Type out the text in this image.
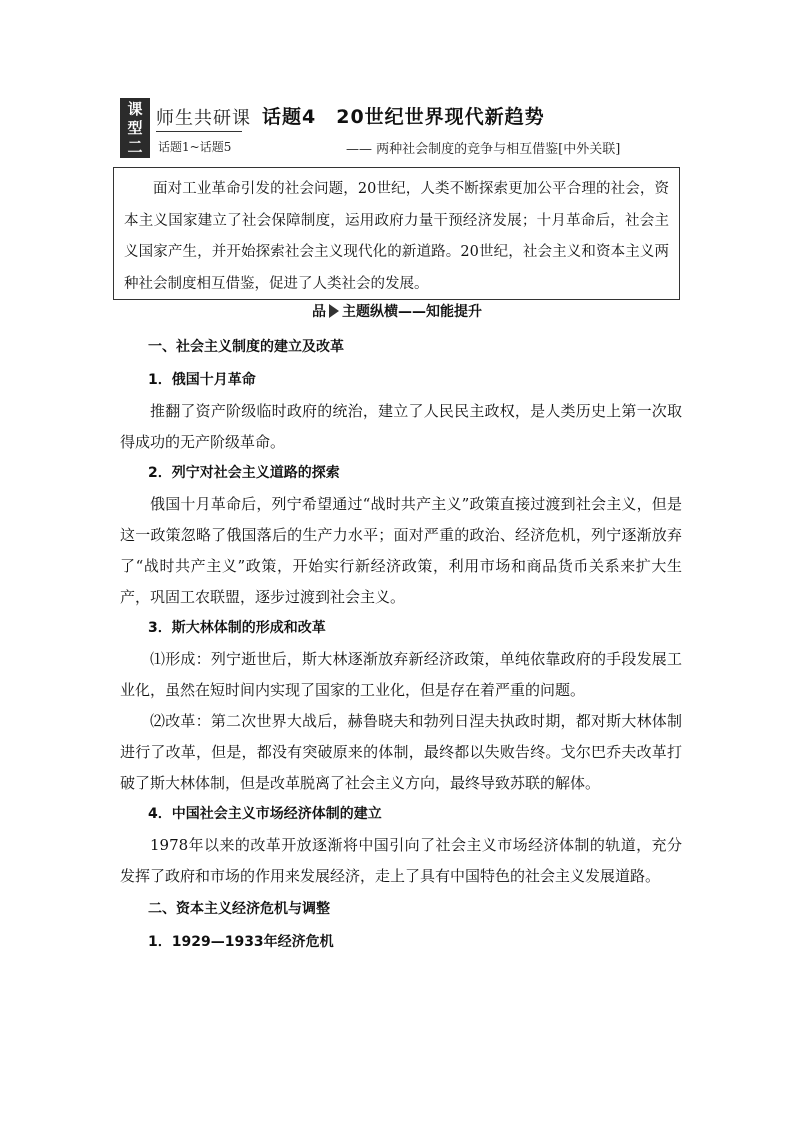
课
型
二
师生共研课
话题1~话题5
话题4　20世纪世界现代新趋势
—— 两种社会制度的竞争与相互借鉴[中外关联]
面对工业革命引发的社会问题，20世纪，人类不断探索更加公平合理的社会，资本主义国家建立了社会保障制度，运用政府力量干预经济发展；十月革命后，社会主义国家产生，并开始探索社会主义现代化的新道路。20世纪，社会主义和资本主义两种社会制度相互借鉴，促进了人类社会的发展。
品 主题纵横——知能提升
一、社会主义制度的建立及改革
1．俄国十月革命

推翻了资产阶级临时政府的统治，建立了人民民主政权，是人类历史上第一次取得成功的无产阶级革命。

2．列宁对社会主义道路的探索

俄国十月革命后，列宁希望通过“战时共产主义”政策直接过渡到社会主义，但是这一政策忽略了俄国落后的生产力水平；面对严重的政治、经济危机，列宁逐渐放弃了“战时共产主义”政策，开始实行新经济政策，利用市场和商品货币关系来扩大生产，巩固工农联盟，逐步过渡到社会主义。

3．斯大林体制的形成和改革

⑴形成：列宁逝世后，斯大林逐渐放弃新经济政策，单纯依靠政府的手段发展工业化，虽然在短时间内实现了国家的工业化，但是存在着严重的问题。

⑵改革：第二次世界大战后，赫鲁晓夫和勃列日涅夫执政时期，都对斯大林体制进行了改革，但是，都没有突破原来的体制，最终都以失败告终。戈尔巴乔夫改革打破了斯大林体制，但是改革脱离了社会主义方向，最终导致苏联的解体。

4．中国社会主义市场经济体制的建立

1978年以来的改革开放逐渐将中国引向了社会主义市场经济体制的轨道，充分发挥了政府和市场的作用来发展经济，走上了具有中国特色的社会主义发展道路。

二、资本主义经济危机与调整
1．1929—1933年经济危机
